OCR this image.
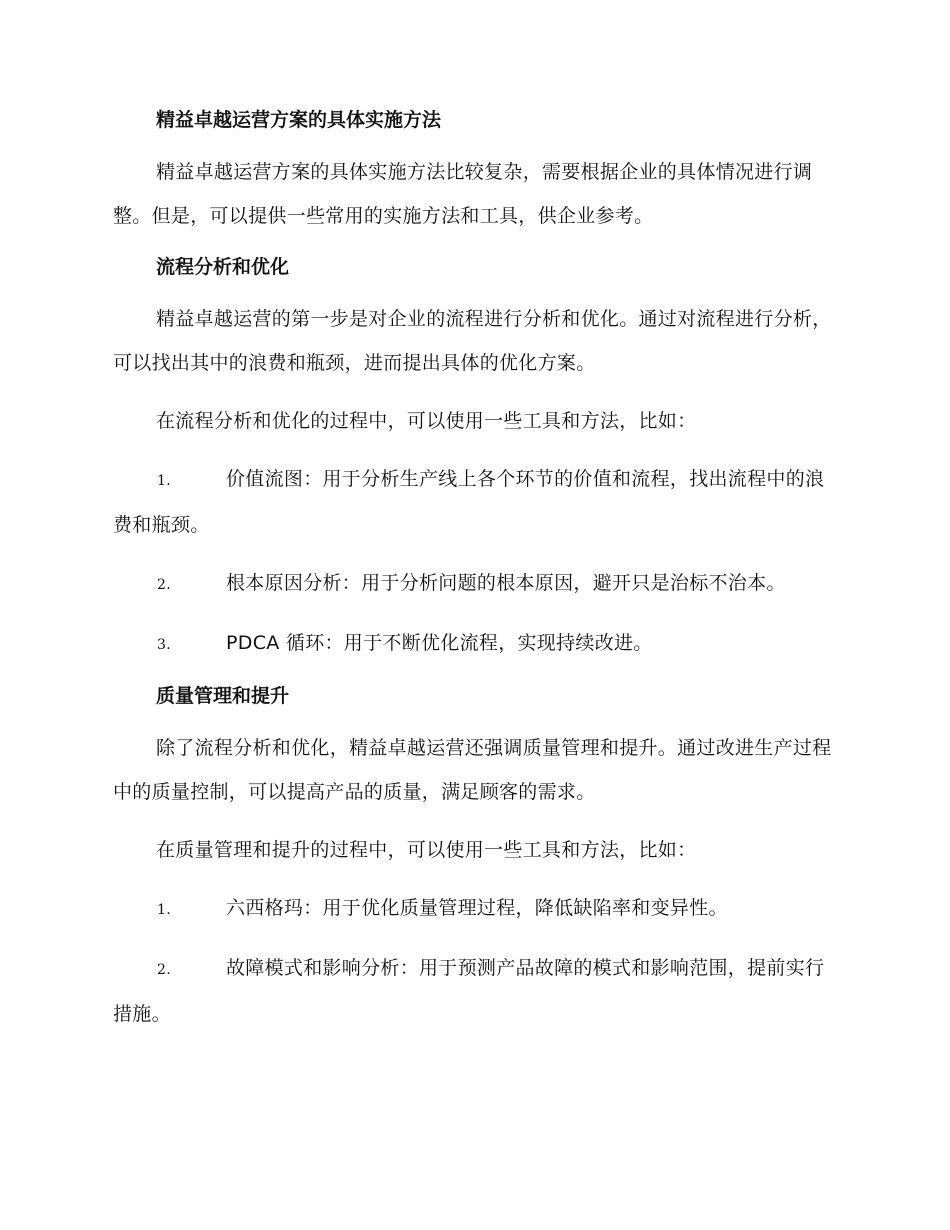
精益卓越运营方案的具体实施方法

精益卓越运营方案的具体实施方法比较复杂，需要根据企业的具体情况进行调整。但是，可以提供一些常用的实施方法和工具，供企业参考。

流程分析和优化

精益卓越运营的第一步是对企业的流程进行分析和优化。通过对流程进行分析，可以找出其中的浪费和瓶颈，进而提出具体的优化方案。

在流程分析和优化的过程中，可以使用一些工具和方法，比如：

1.	价值流图：用于分析生产线上各个环节的价值和流程，找出流程中的浪费和瓶颈。

2.	根本原因分析：用于分析问题的根本原因，避开只是治标不治本。

3.	PDCA 循环：用于不断优化流程，实现持续改进。

质量管理和提升

除了流程分析和优化，精益卓越运营还强调质量管理和提升。通过改进生产过程中的质量控制，可以提高产品的质量，满足顾客的需求。

在质量管理和提升的过程中，可以使用一些工具和方法，比如：

1.	六西格玛：用于优化质量管理过程，降低缺陷率和变异性。

2.	故障模式和影响分析：用于预测产品故障的模式和影响范围，提前实行措施。
